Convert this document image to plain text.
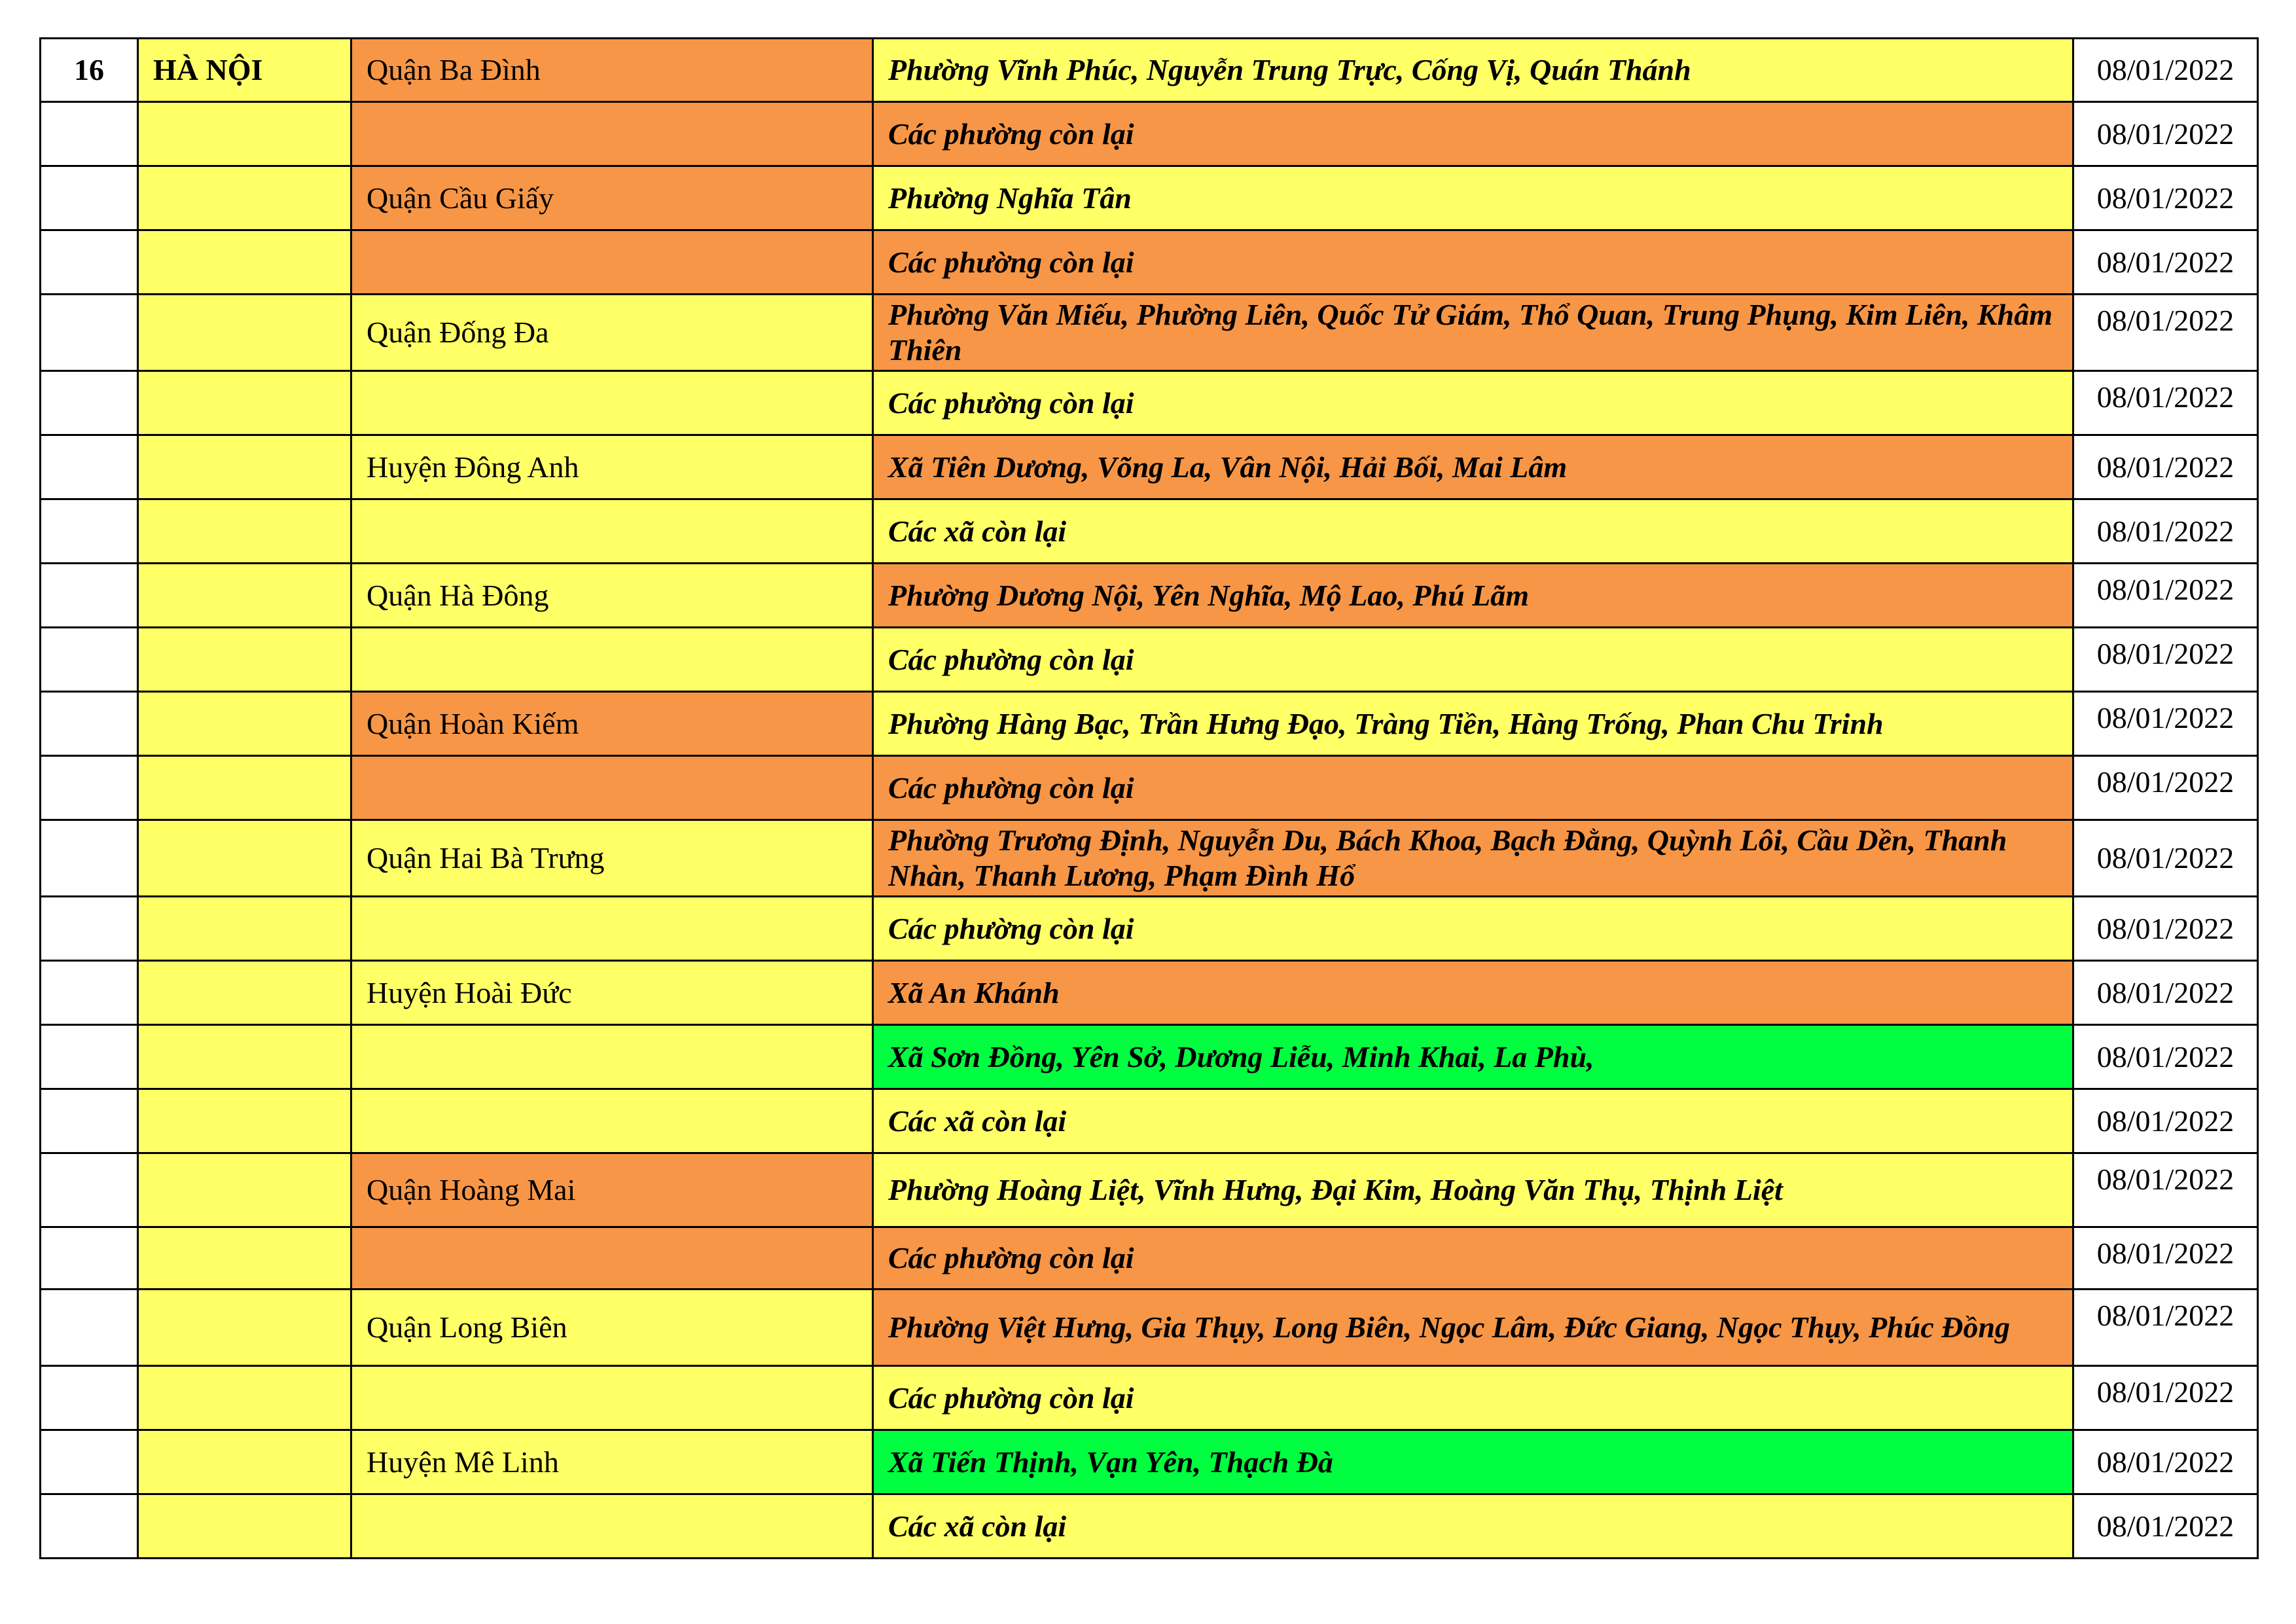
16	HÀ NỘI	Quận Ba Đình	Phường Vĩnh Phúc, Nguyễn Trung Trực, Cống Vị, Quán Thánh	08/01/2022
			Các phường còn lại	08/01/2022
		Quận Cầu Giấy	Phường Nghĩa Tân	08/01/2022
			Các phường còn lại	08/01/2022
		Quận Đống Đa	Phường Văn Miếu, Phường Liên, Quốc Tử Giám, Thổ Quan, Trung Phụng, Kim Liên, Khâm Thiên	08/01/2022
			Các phường còn lại	08/01/2022
		Huyện Đông Anh	Xã Tiên Dương, Võng La, Vân Nội, Hải Bối, Mai Lâm	08/01/2022
			Các xã còn lại	08/01/2022
		Quận Hà Đông	Phường Dương Nội, Yên Nghĩa, Mộ Lao, Phú Lãm	08/01/2022
			Các phường còn lại	08/01/2022
		Quận Hoàn Kiếm	Phường Hàng Bạc, Trần Hưng Đạo, Tràng Tiền, Hàng Trống, Phan Chu Trinh	08/01/2022
			Các phường còn lại	08/01/2022
		Quận Hai Bà Trưng	Phường Trương Định, Nguyễn Du, Bách Khoa, Bạch Đằng, Quỳnh Lôi, Cầu Dền, Thanh Nhàn, Thanh Lương, Phạm Đình Hổ	08/01/2022
			Các phường còn lại	08/01/2022
		Huyện Hoài Đức	Xã An Khánh	08/01/2022
			Xã Sơn Đồng, Yên Sở, Dương Liễu, Minh Khai, La Phù,	08/01/2022
			Các xã còn lại	08/01/2022
		Quận Hoàng Mai	Phường Hoàng Liệt, Vĩnh Hưng, Đại Kim, Hoàng Văn Thụ, Thịnh Liệt	08/01/2022
			Các phường còn lại	08/01/2022
		Quận Long Biên	Phường Việt Hưng, Gia Thụy, Long Biên, Ngọc Lâm, Đức Giang, Ngọc Thụy, Phúc Đồng	08/01/2022
			Các phường còn lại	08/01/2022
		Huyện Mê Linh	Xã Tiến Thịnh, Vạn Yên, Thạch Đà	08/01/2022
			Các xã còn lại	08/01/2022
